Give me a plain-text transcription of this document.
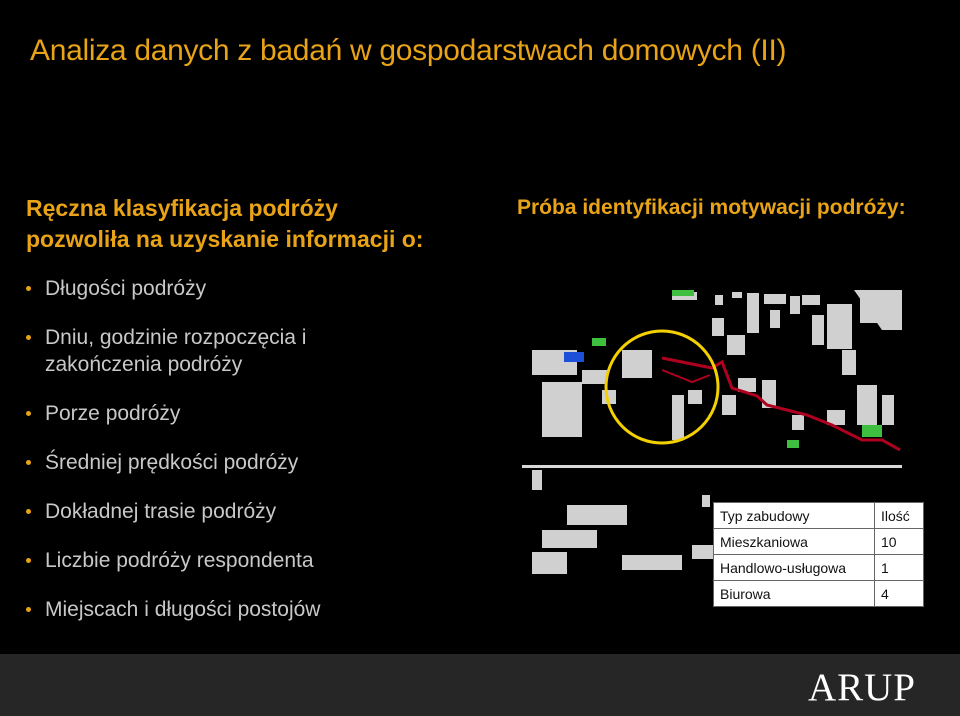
Analiza danych z badań w gospodarstwach domowych (II)
Ręczna klasyfikacja podróży
pozwoliła na uzyskanie informacji o:
Długości podróży
Dniu, godzinie rozpoczęcia i zakończenia podróży
Porze podróży
Średniej prędkości podróży
Dokładnej trasie podróży
Liczbie podróży respondenta
Miejscach i długości postojów
Próba identyfikacji motywacji podróży:
Typ zabudowy	Ilość
Mieszkaniowa	10
Handlowo-usługowa	1
Biurowa	4
ARUP
